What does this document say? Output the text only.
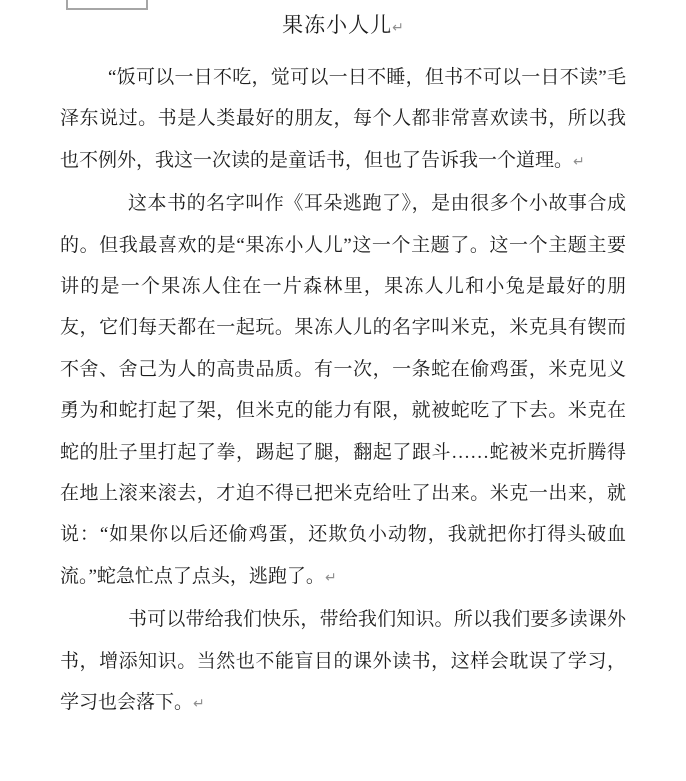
果冻小人儿↵

“饭可以一日不吃，觉可以一日不睡，但书不可以一日不读”毛泽东说过。书是人类最好的朋友，每个人都非常喜欢读书，所以我也不例外，我这一次读的是童话书，但也了告诉我一个道理。↵

这本书的名字叫作《耳朵逃跑了》，是由很多个小故事合成的。但我最喜欢的是“果冻小人儿”这一个主题了。这一个主题主要讲的是一个果冻人住在一片森林里，果冻人儿和小兔是最好的朋友，它们每天都在一起玩。果冻人儿的名字叫米克，米克具有锲而不舍、舍己为人的高贵品质。有一次，一条蛇在偷鸡蛋，米克见义勇为和蛇打起了架，但米克的能力有限，就被蛇吃了下去。米克在蛇的肚子里打起了拳，踢起了腿，翻起了跟斗……蛇被米克折腾得在地上滚来滚去，才迫不得已把米克给吐了出来。米克一出来，就说：“如果你以后还偷鸡蛋，还欺负小动物，我就把你打得头破血流。”蛇急忙点了点头，逃跑了。↵

书可以带给我们快乐，带给我们知识。所以我们要多读课外书，增添知识。当然也不能盲目的课外读书，这样会耽误了学习，学习也会落下。↵
